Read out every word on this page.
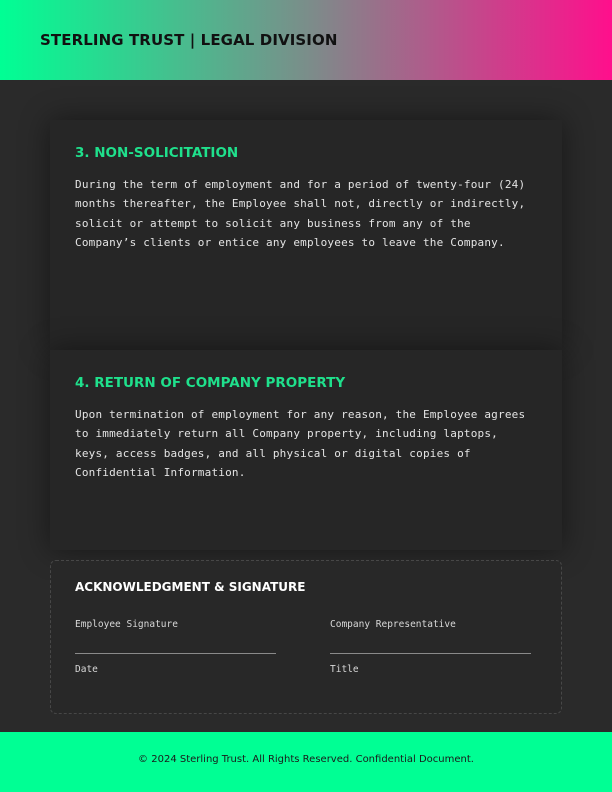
STERLING TRUST | LEGAL DIVISION
3. NON-SOLICITATION

During the term of employment and for a period of twenty-four (24) months thereafter, the Employee shall not, directly or indirectly, solicit or attempt to solicit any business from any of the Company’s clients or entice any employees to leave the Company.

4. RETURN OF COMPANY PROPERTY

Upon termination of employment for any reason, the Employee agrees to immediately return all Company property, including laptops, keys, access badges, and all physical or digital copies of Confidential Information.

ACKNOWLEDGMENT & SIGNATURE
Employee Signature
Date
Company Representative
Title

© 2024 Sterling Trust. All Rights Reserved. Confidential Document.
